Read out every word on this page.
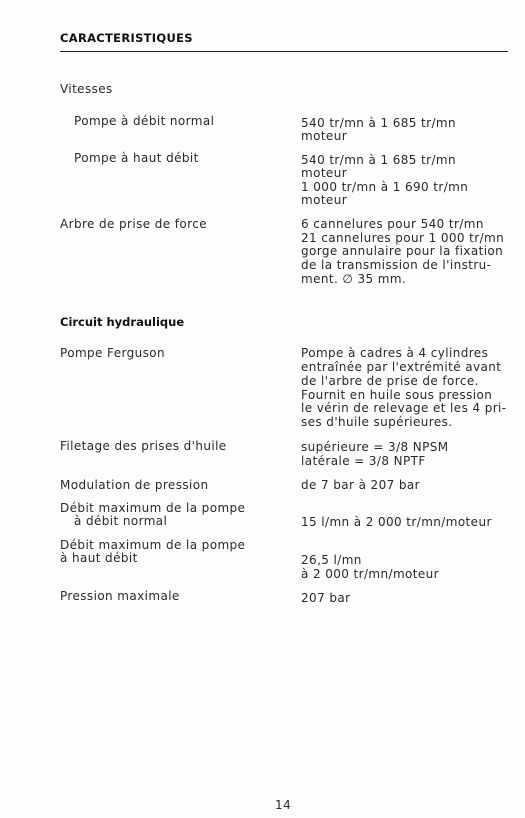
CARACTERISTIQUES
Vitesses
Pompe à débit normal	540 tr/mn à 1 685 tr/mn
moteur
Pompe à haut débit	540 tr/mn à 1 685 tr/mn
moteur
1 000 tr/mn à 1 690 tr/mn
moteur
Arbre de prise de force	6 cannelures pour 540 tr/mn
21 cannelures pour 1 000 tr/mn
gorge annulaire pour la fixation
de la transmission de l'instru-
ment. ∅ 35 mm.
Circuit hydraulique
Pompe Ferguson	Pompe à cadres à 4 cylindres
entraînée par l'extrémité avant
de l'arbre de prise de force.
Fournit en huile sous pression
le vérin de relevage et les 4 pri-
ses d'huile supérieures.
Filetage des prises d'huile	supérieure = 3/8 NPSM
latérale = 3/8 NPTF
Modulation de pression	de 7 bar à 207 bar
Débit maximum de la pompe
à débit normal	15 l/mn à 2 000 tr/mn/moteur
Débit maximum de la pompe
à haut débit	26,5 l/mn
à 2 000 tr/mn/moteur
Pression maximale	207 bar
14
